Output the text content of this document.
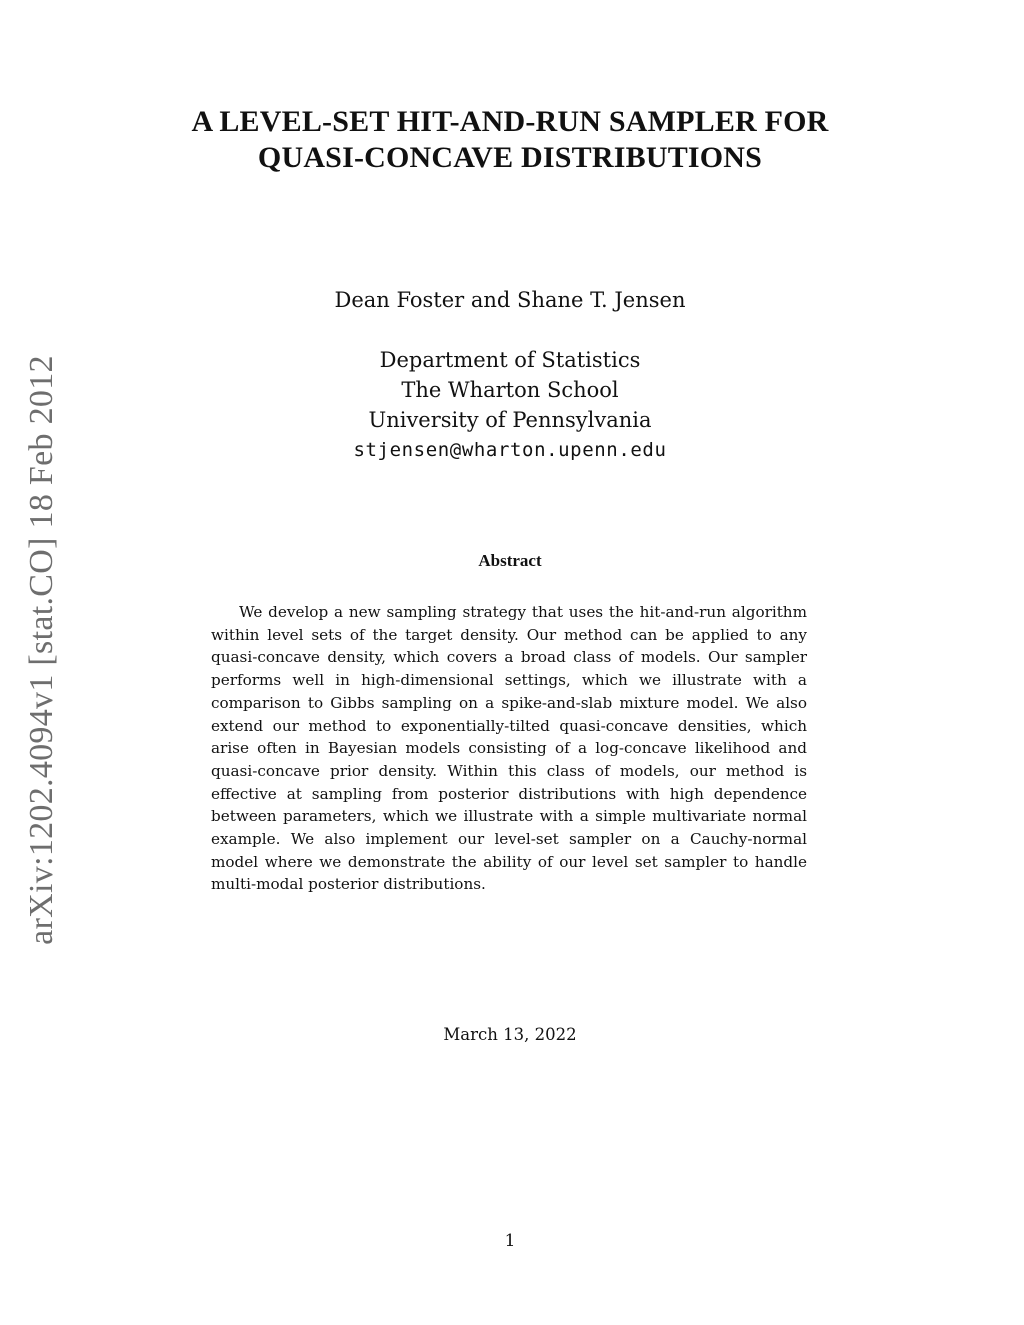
arXiv:1202.4094v1 [stat.CO] 18 Feb 2012
A LEVEL-SET HIT-AND-RUN SAMPLER FOR
QUASI-CONCAVE DISTRIBUTIONS
Dean Foster and Shane T. Jensen
Department of Statistics
The Wharton School
University of Pennsylvania
stjensen@wharton.upenn.edu
Abstract
We develop a new sampling strategy that uses the hit-and-run algorithm within level sets of the target density. Our method can be applied to any quasi-concave density, which covers a broad class of models. Our sampler performs well in high-dimensional settings, which we illustrate with a comparison to Gibbs sampling on a spike-and-slab mixture model. We also extend our method to exponentially-tilted quasi-concave densities, which arise often in Bayesian models consisting of a log-concave likelihood and quasi-concave prior density. Within this class of models, our method is effective at sampling from posterior distributions with high dependence between parameters, which we illustrate with a simple multivariate normal example. We also implement our level-set sampler on a Cauchy-normal model where we demonstrate the ability of our level set sampler to handle multi-modal posterior distributions.
March 13, 2022
1
